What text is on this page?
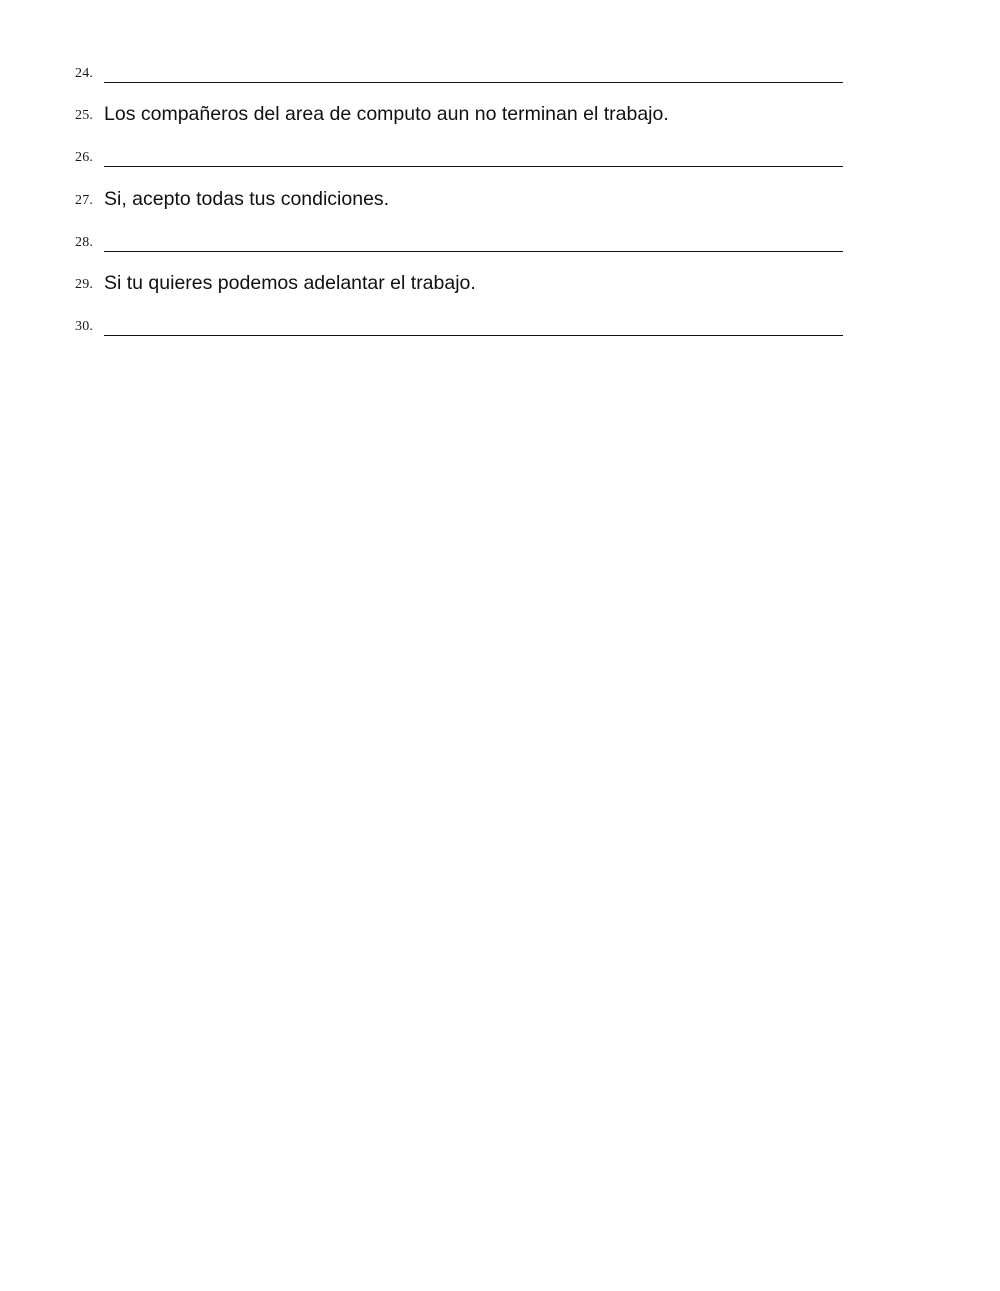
24.
25. Los compañeros del area de computo aun no terminan el trabajo.
26.
27. Si, acepto todas tus condiciones.
28.
29. Si tu quieres podemos adelantar el trabajo.
30.
